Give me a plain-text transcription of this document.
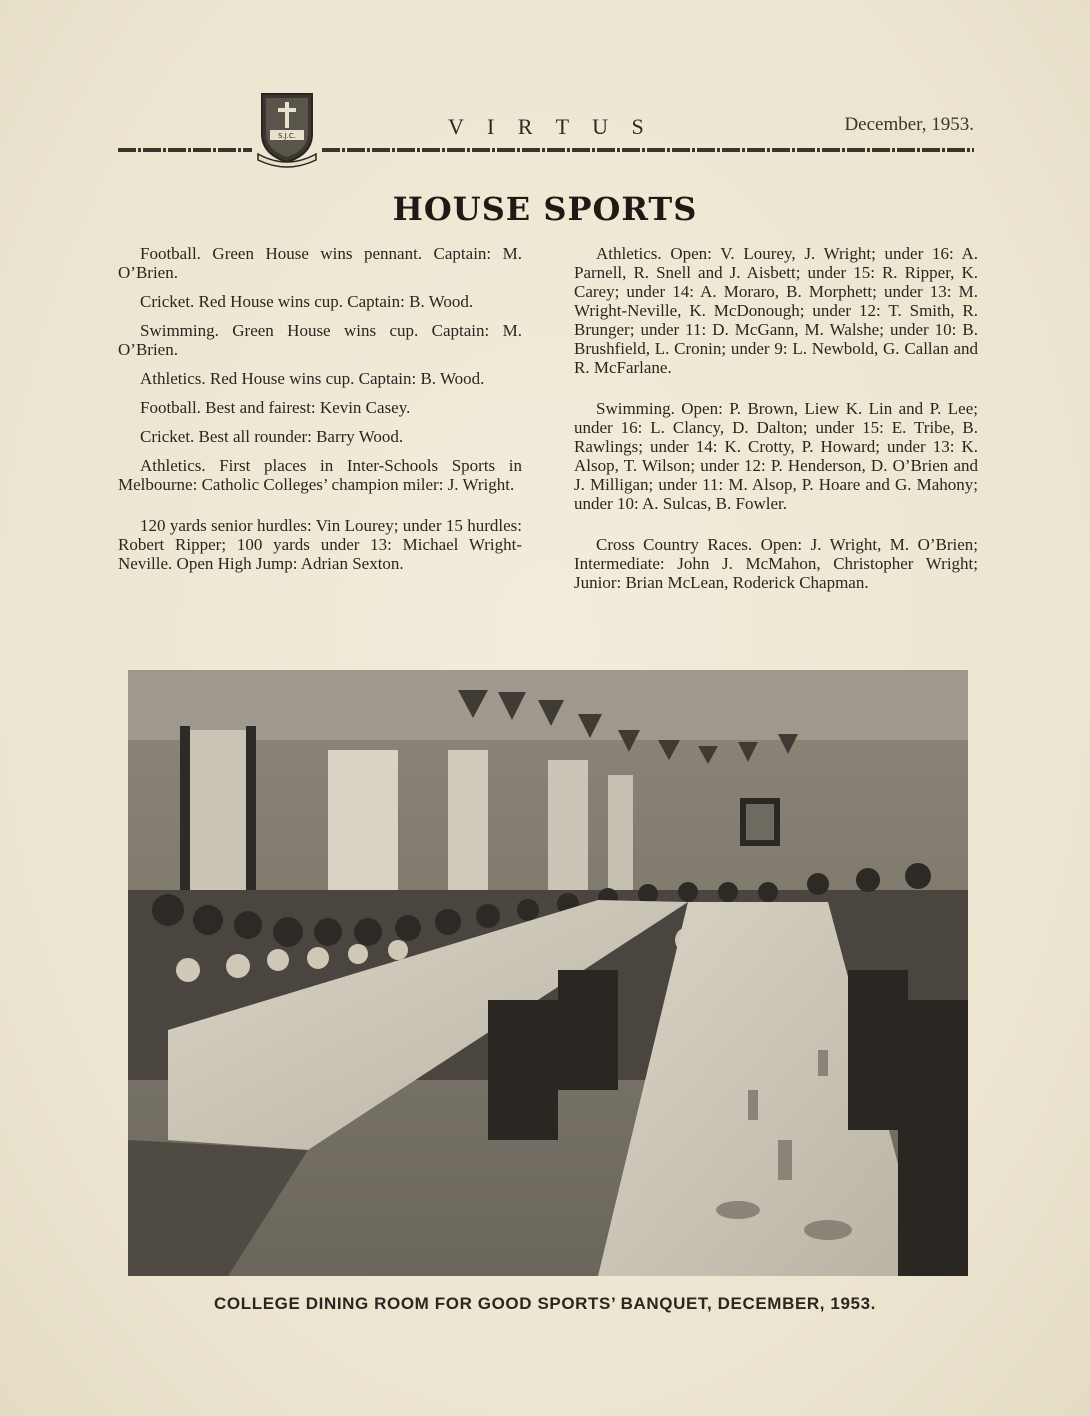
S.J.C.	V I R T U S	December, 1953.
HOUSE SPORTS

Football. Green House wins pennant. Captain: M. O’Brien.

Cricket. Red House wins cup. Captain: B. Wood.

Swimming. Green House wins cup. Captain: M. O’Brien.

Athletics. Red House wins cup. Captain: B. Wood.

Football. Best and fairest: Kevin Casey.

Cricket. Best all rounder: Barry Wood.

Athletics. First places in Inter-Schools Sports in Melbourne: Catholic Colleges’ champion miler: J. Wright.

120 yards senior hurdles: Vin Lourey; under 15 hurdles: Robert Ripper; 100 yards under 13: Michael Wright-Neville. Open High Jump: Adrian Sexton.

Athletics. Open: V. Lourey, J. Wright; under 16: A. Parnell, R. Snell and J. Aisbett; under 15: R. Ripper, K. Carey; under 14: A. Moraro, B. Morphett; under 13: M. Wright-Neville, K. McDonough; under 12: T. Smith, R. Brunger; under 11: D. McGann, M. Walshe; under 10: B. Brushfield, L. Cronin; under 9: L. Newbold, G. Callan and R. McFarlane.

Swimming. Open: P. Brown, Liew K. Lin and P. Lee; under 16: L. Clancy, D. Dalton; under 15: E. Tribe, B. Rawlings; under 14: K. Crotty, P. Howard; under 13: K. Alsop, T. Wilson; under 12: P. Henderson, D. O’Brien and J. Milligan; under 11: M. Alsop, P. Hoare and G. Mahony; under 10: A. Sulcas, B. Fowler.

Cross Country Races. Open: J. Wright, M. O’Brien; Intermediate: John J. McMahon, Christopher Wright; Junior: Brian McLean, Roderick Chapman.

COLLEGE DINING ROOM FOR GOOD SPORTS’ BANQUET, DECEMBER, 1953.
